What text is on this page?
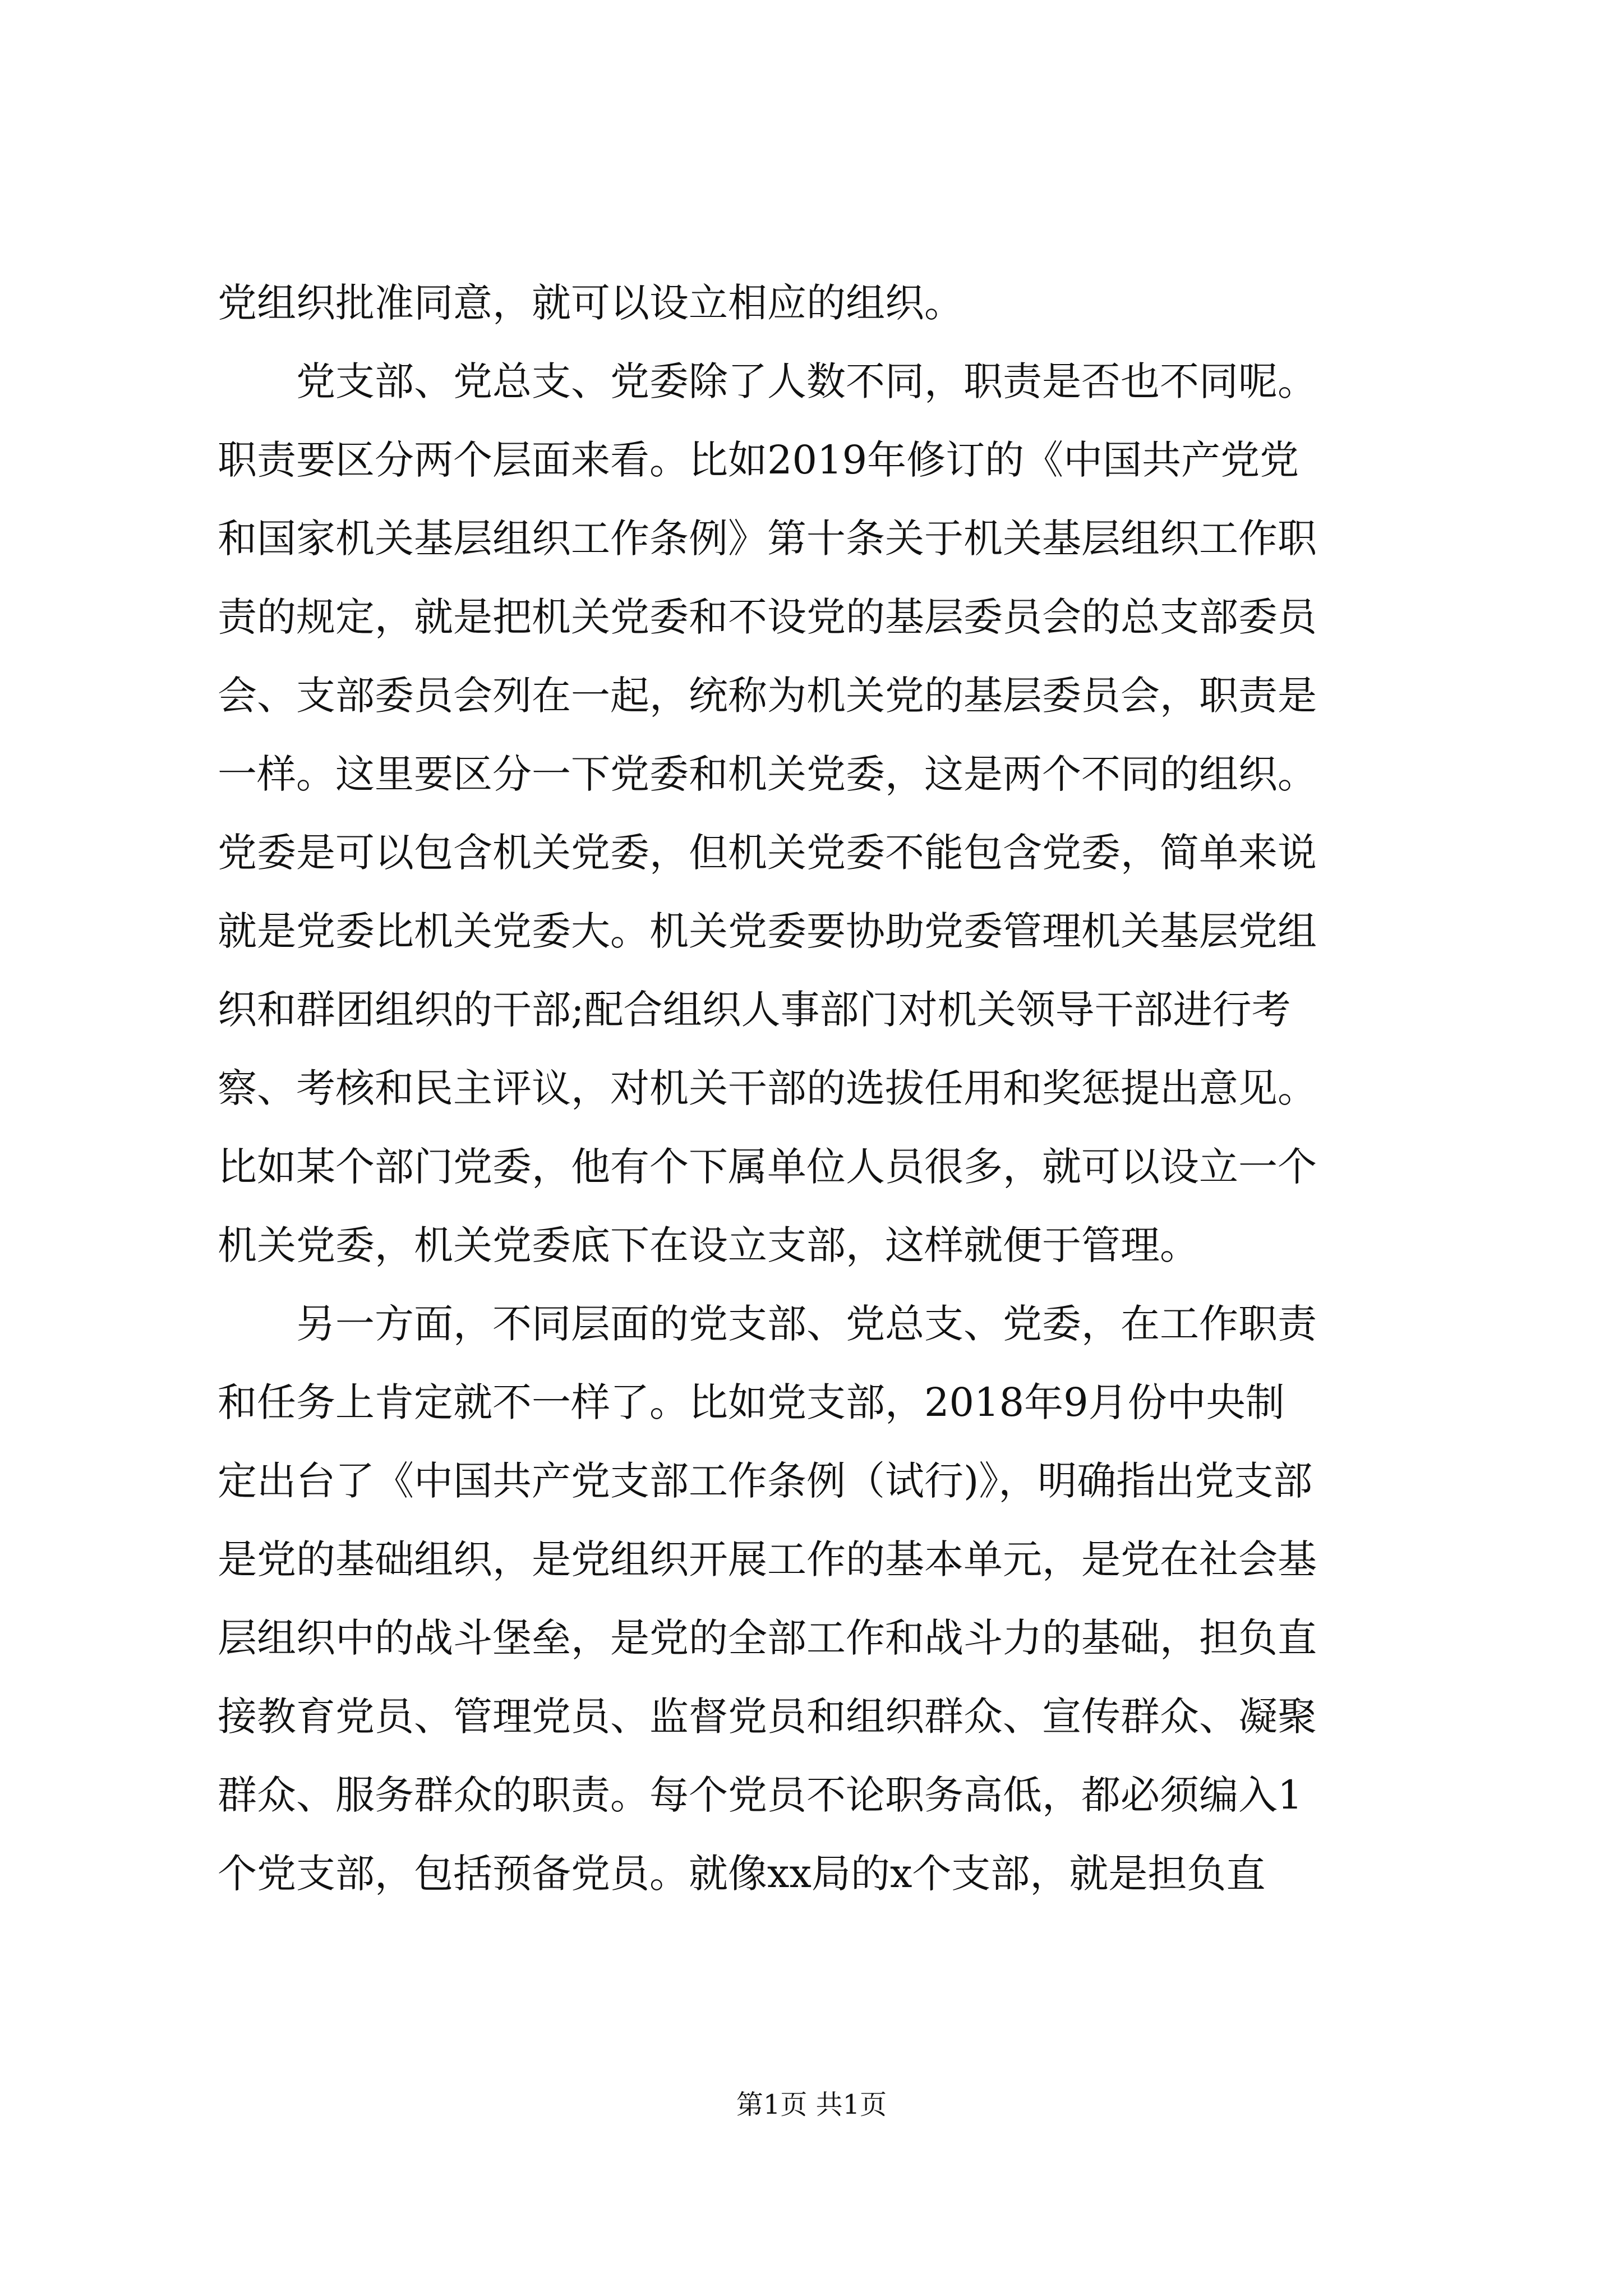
党组织批准同意，就可以设立相应的组织。
　　党支部、党总支、党委除了人数不同，职责是否也不同呢。
职责要区分两个层面来看。比如2019年修订的《中国共产党党
和国家机关基层组织工作条例》第十条关于机关基层组织工作职
责的规定，就是把机关党委和不设党的基层委员会的总支部委员
会、支部委员会列在一起，统称为机关党的基层委员会，职责是
一样。这里要区分一下党委和机关党委，这是两个不同的组织。
党委是可以包含机关党委，但机关党委不能包含党委，简单来说
就是党委比机关党委大。机关党委要协助党委管理机关基层党组
织和群团组织的干部;配合组织人事部门对机关领导干部进行考
察、考核和民主评议，对机关干部的选拔任用和奖惩提出意见。
比如某个部门党委，他有个下属单位人员很多，就可以设立一个
机关党委，机关党委底下在设立支部，这样就便于管理。
　　另一方面，不同层面的党支部、党总支、党委，在工作职责
和任务上肯定就不一样了。比如党支部，2018年9月份中央制
定出台了《中国共产党支部工作条例（试行)》，明确指出党支部
是党的基础组织，是党组织开展工作的基本单元，是党在社会基
层组织中的战斗堡垒，是党的全部工作和战斗力的基础，担负直
接教育党员、管理党员、监督党员和组织群众、宣传群众、凝聚
群众、服务群众的职责。每个党员不论职务高低，都必须编入1
个党支部，包括预备党员。就像xx局的x个支部，就是担负直
第1页 共1页
